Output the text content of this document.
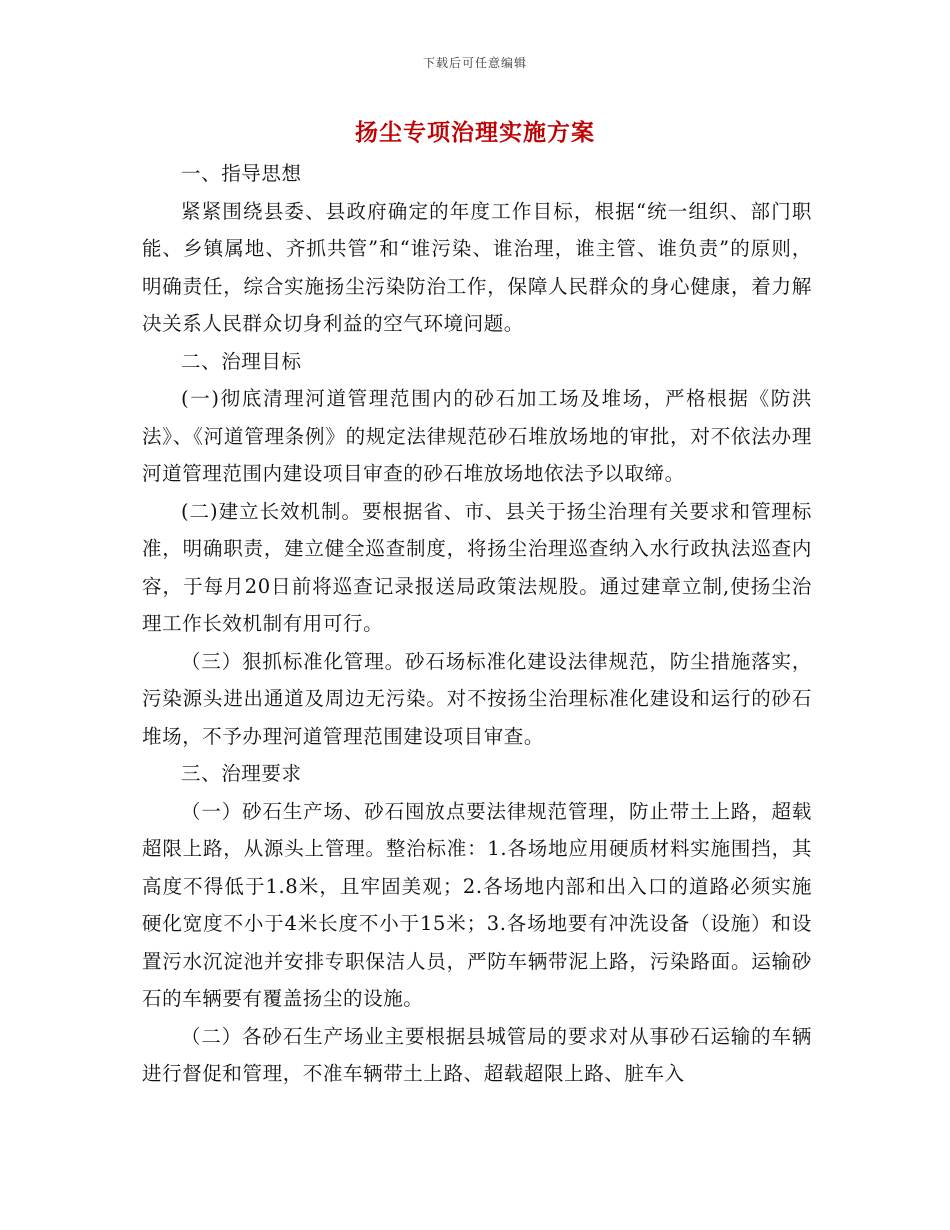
下载后可任意编辑
扬尘专项治理实施方案

一、指导思想

紧紧围绕县委、县政府确定的年度工作目标，根据“统一组织、部门职能、乡镇属地、齐抓共管”和“谁污染、谁治理，谁主管、谁负责”的原则，明确责任，综合实施扬尘污染防治工作，保障人民群众的身心健康，着力解决关系人民群众切身利益的空气环境问题。

二、治理目标

(一)彻底清理河道管理范围内的砂石加工场及堆场，严格根据《防洪法》、《河道管理条例》的规定法律规范砂石堆放场地的审批，对不依法办理河道管理范围内建设项目审查的砂石堆放场地依法予以取缔。

(二)建立长效机制。要根据省、市、县关于扬尘治理有关要求和管理标准，明确职责，建立健全巡查制度，将扬尘治理巡查纳入水行政执法巡查内容，于每月20日前将巡查记录报送局政策法规股。通过建章立制,使扬尘治理工作长效机制有用可行。

（三）狠抓标准化管理。砂石场标准化建设法律规范，防尘措施落实，污染源头进出通道及周边无污染。对不按扬尘治理标准化建设和运行的砂石堆场，不予办理河道管理范围建设项目审查。

三、治理要求

（一）砂石生产场、砂石囤放点要法律规范管理，防止带土上路，超载超限上路，从源头上管理。整治标准：1.各场地应用硬质材料实施围挡，其高度不得低于1.8米，且牢固美观；2.各场地内部和出入口的道路必须实施硬化宽度不小于4米长度不小于15米；3.各场地要有冲洗设备（设施）和设置污水沉淀池并安排专职保洁人员，严防车辆带泥上路，污染路面。运输砂石的车辆要有覆盖扬尘的设施。

（二）各砂石生产场业主要根据县城管局的要求对从事砂石运输的车辆进行督促和管理，不准车辆带土上路、超载超限上路、脏车入
